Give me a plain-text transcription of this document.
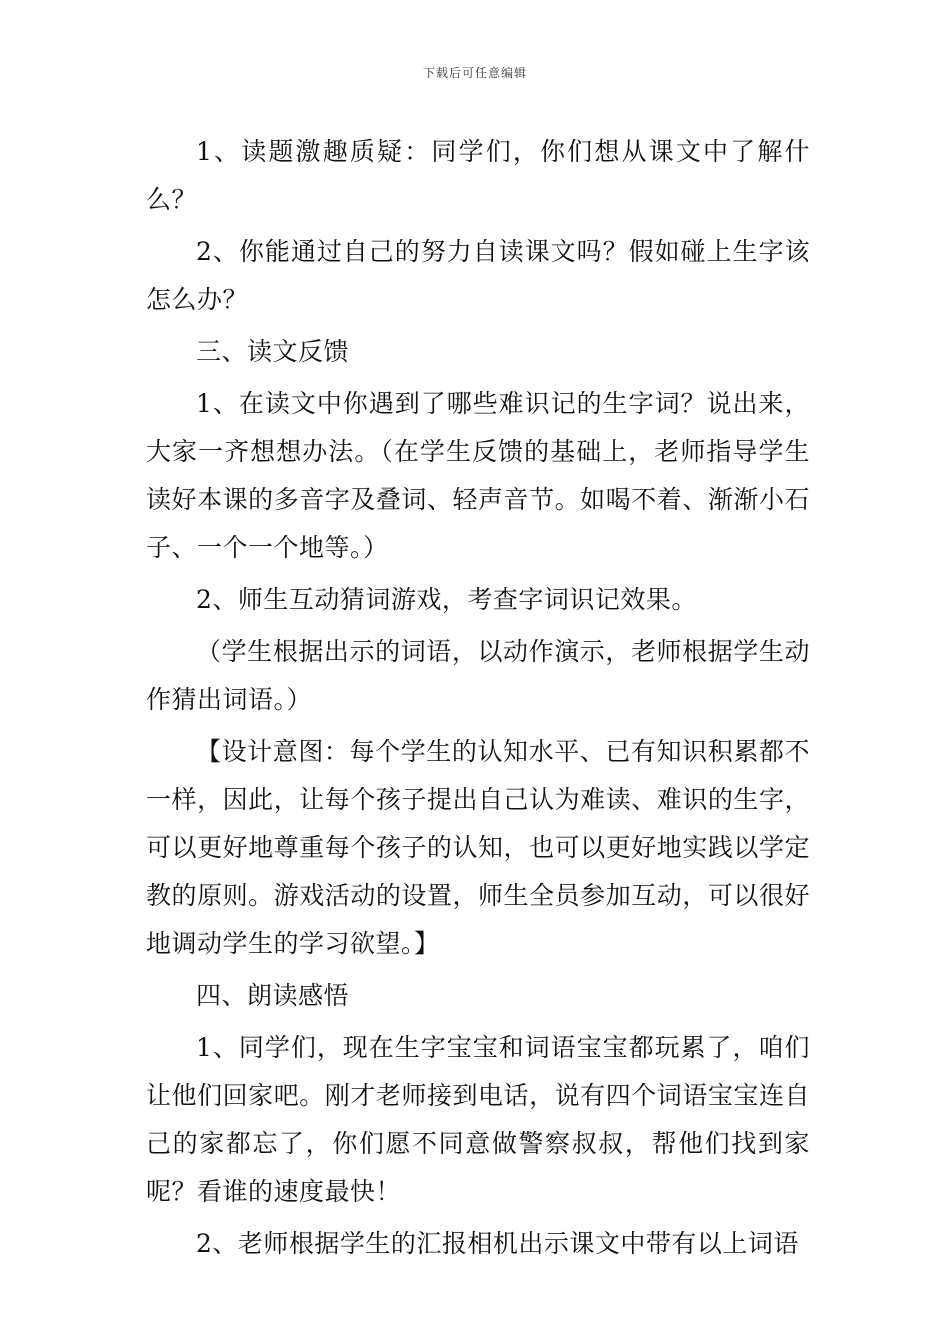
下载后可任意编辑

1、读题激趣质疑：同学们，你们想从课文中了解什么？

2、你能通过自己的努力自读课文吗？假如碰上生字该怎么办？

三、读文反馈

1、在读文中你遇到了哪些难识记的生字词？说出来，大家一齐想想办法。（在学生反馈的基础上，老师指导学生读好本课的多音字及叠词、轻声音节。如喝不着、渐渐小石子、一个一个地等。）

2、师生互动猜词游戏，考查字词识记效果。

（学生根据出示的词语，以动作演示，老师根据学生动作猜出词语。）

【设计意图：每个学生的认知水平、已有知识积累都不一样，因此，让每个孩子提出自己认为难读、难识的生字，可以更好地尊重每个孩子的认知，也可以更好地实践以学定教的原则。游戏活动的设置，师生全员参加互动，可以很好地调动学生的学习欲望。】

四、朗读感悟

1、同学们，现在生字宝宝和词语宝宝都玩累了，咱们让他们回家吧。刚才老师接到电话，说有四个词语宝宝连自己的家都忘了，你们愿不同意做警察叔叔，帮他们找到家呢？看谁的速度最快！

2、老师根据学生的汇报相机出示课文中带有以上词语
